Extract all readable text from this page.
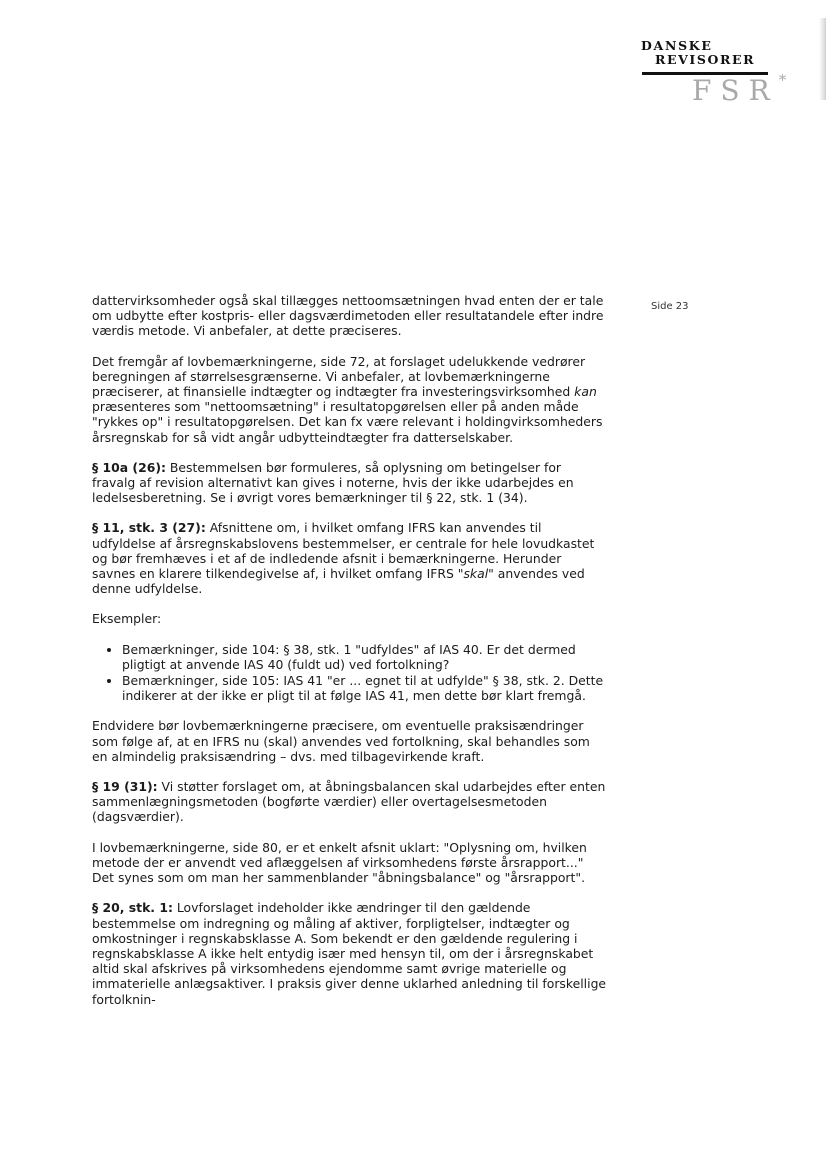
DANSKE
REVISORER
FSR*
Side 23

dattervirksomheder også skal tillægges nettoomsætningen hvad enten der er tale om udbytte efter kostpris- eller dagsværdimetoden eller resultatandele efter indre værdis metode. Vi anbefaler, at dette præciseres.

Det fremgår af lovbemærkningerne, side 72, at forslaget udelukkende vedrører beregningen af størrelsesgrænserne. Vi anbefaler, at lovbemærkningerne præciserer, at finansielle indtægter og indtægter fra investeringsvirksomhed kan præsenteres som "nettoomsætning" i resultatopgørelsen eller på anden måde "rykkes op" i resultatopgørelsen. Det kan fx være relevant i holdingvirksomheders årsregnskab for så vidt angår udbytteindtægter fra datterselskaber.

§ 10a (26): Bestemmelsen bør formuleres, så oplysning om betingelser for fravalg af revision alternativt kan gives i noterne, hvis der ikke udarbejdes en ledelsesberetning. Se i øvrigt vores bemærkninger til § 22, stk. 1 (34).

§ 11, stk. 3 (27): Afsnittene om, i hvilket omfang IFRS kan anvendes til udfyldelse af årsregnskabslovens bestemmelser, er centrale for hele lovudkastet og bør fremhæves i et af de indledende afsnit i bemærkningerne. Herunder savnes en klarere tilkendegivelse af, i hvilket omfang IFRS "skal" anvendes ved denne udfyldelse.

Eksempler:

• Bemærkninger, side 104: § 38, stk. 1 "udfyldes" af IAS 40. Er det dermed pligtigt at anvende IAS 40 (fuldt ud) ved fortolkning?
• Bemærkninger, side 105: IAS 41 "er ... egnet til at udfylde" § 38, stk. 2. Dette indikerer at der ikke er pligt til at følge IAS 41, men dette bør klart fremgå.

Endvidere bør lovbemærkningerne præcisere, om eventuelle praksisændringer som følge af, at en IFRS nu (skal) anvendes ved fortolkning, skal behandles som en almindelig praksisændring – dvs. med tilbagevirkende kraft.

§ 19 (31): Vi støtter forslaget om, at åbningsbalancen skal udarbejdes efter enten sammenlægningsmetoden (bogførte værdier) eller overtagelsesmetoden (dagsværdier).

I lovbemærkningerne, side 80, er et enkelt afsnit uklart: "Oplysning om, hvilken metode der er anvendt ved aflæggelsen af virksomhedens første årsrapport..." Det synes som om man her sammenblander "åbningsbalance" og "årsrapport".

§ 20, stk. 1: Lovforslaget indeholder ikke ændringer til den gældende bestemmelse om indregning og måling af aktiver, forpligtelser, indtægter og omkostninger i regnskabsklasse A. Som bekendt er den gældende regulering i regnskabsklasse A ikke helt entydig især med hensyn til, om der i årsregnskabet altid skal afskrives på virksomhedens ejendomme samt øvrige materielle og immaterielle anlægsaktiver. I praksis giver denne uklarhed anledning til forskellige fortolknin-
